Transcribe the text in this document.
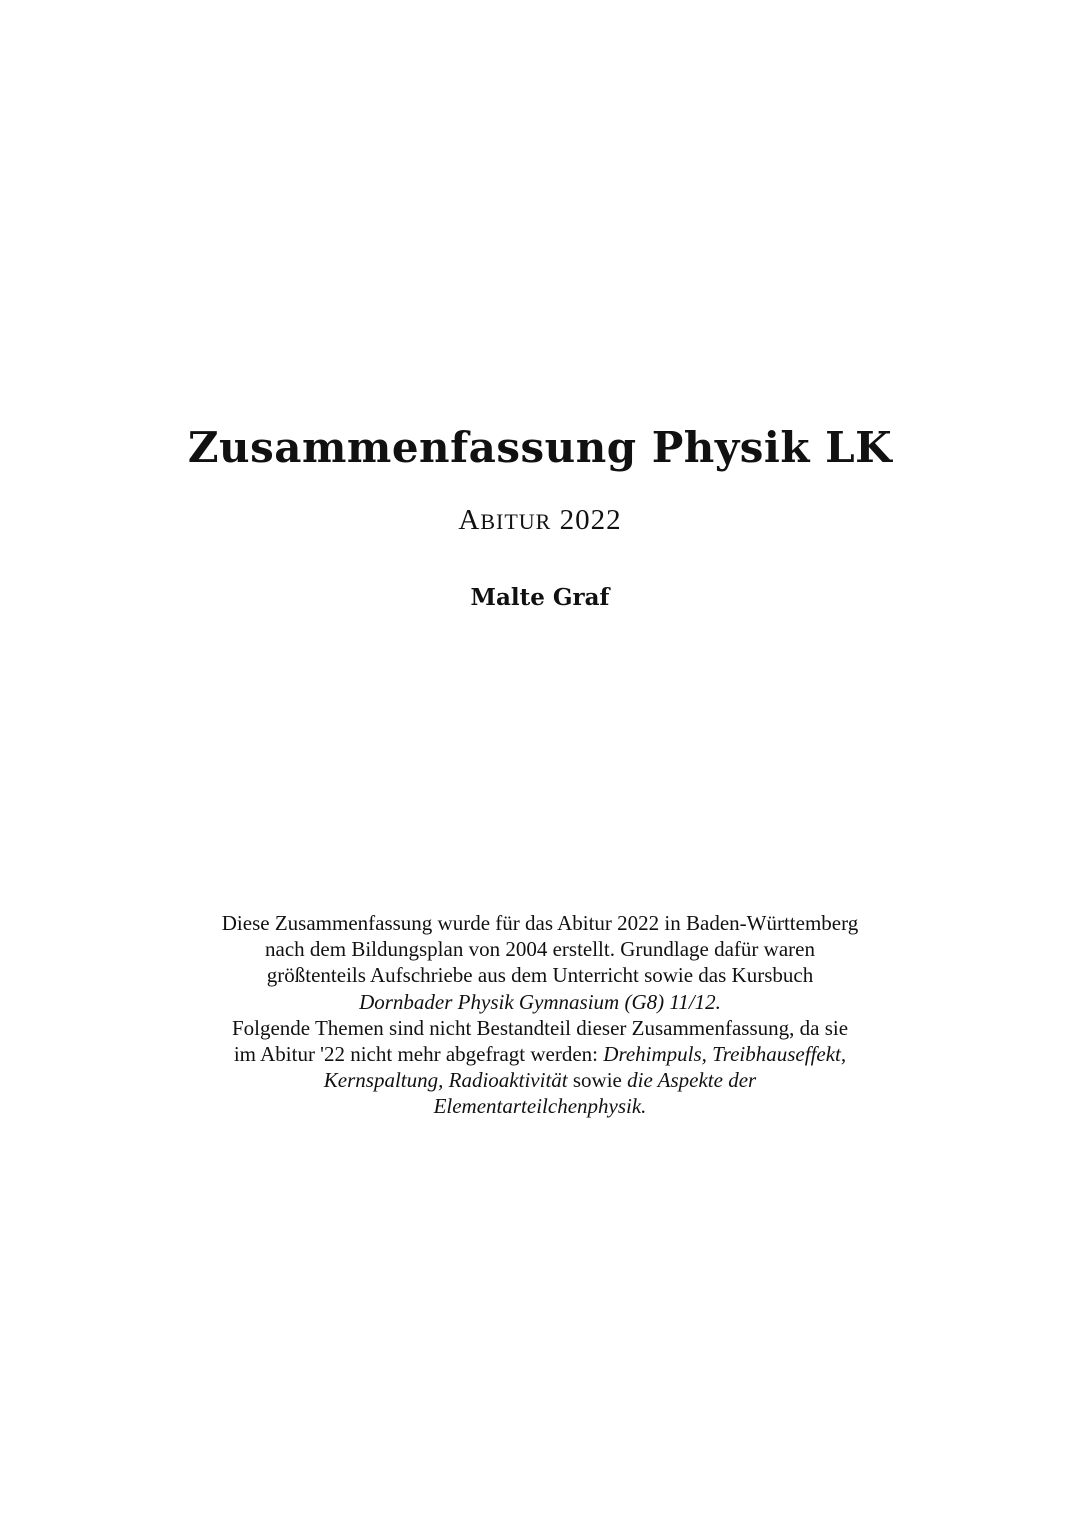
Zusammenfassung Physik LK
ABITUR 2022
Malte Graf
Diese Zusammenfassung wurde für das Abitur 2022 in Baden-Württemberg
nach dem Bildungsplan von 2004 erstellt. Grundlage dafür waren
größtenteils Aufschriebe aus dem Unterricht sowie das Kursbuch
Dornbader Physik Gymnasium (G8) 11/12.
Folgende Themen sind nicht Bestandteil dieser Zusammenfassung, da sie
im Abitur '22 nicht mehr abgefragt werden: Drehimpuls, Treibhauseffekt,
Kernspaltung, Radioaktivität sowie die Aspekte der
Elementarteilchenphysik.
